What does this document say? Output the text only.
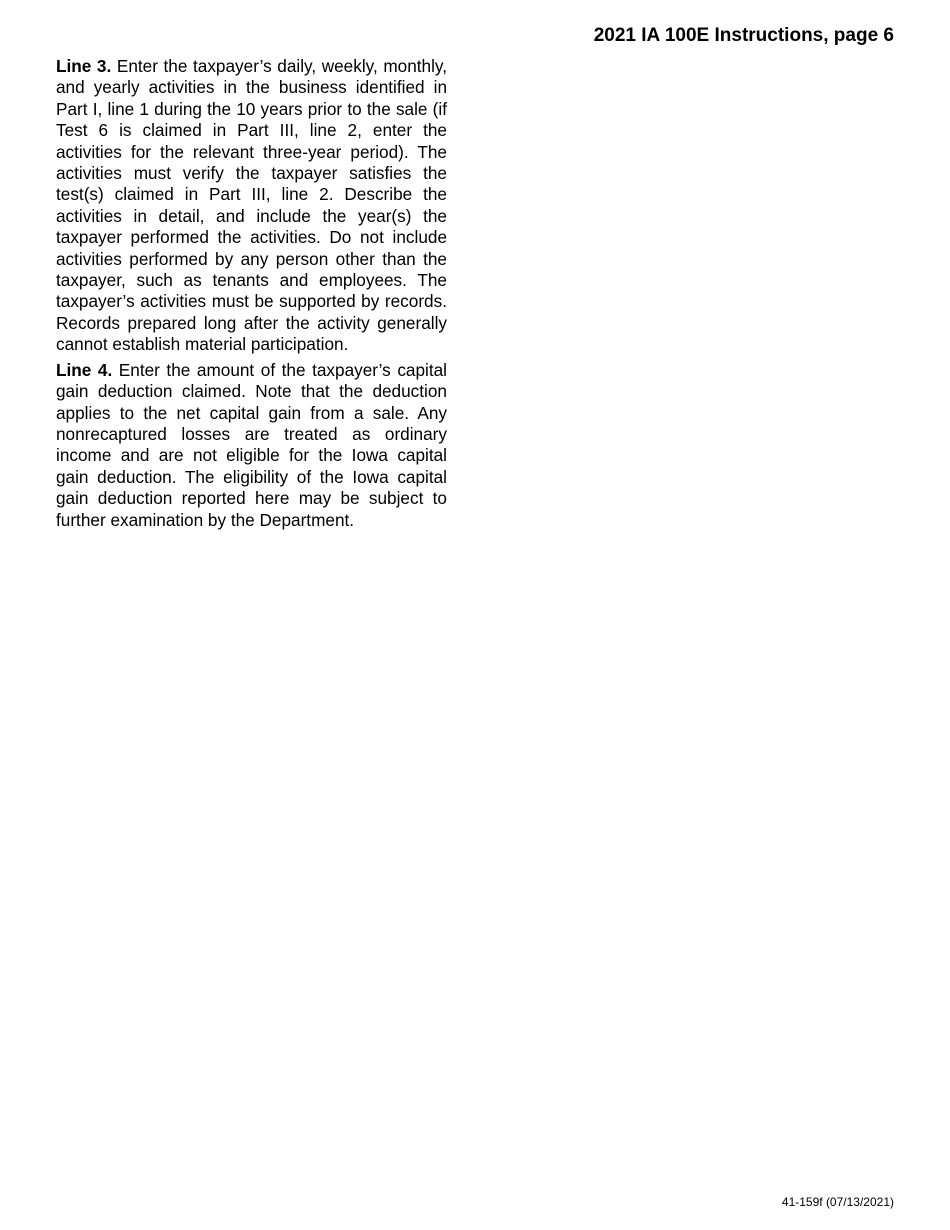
2021 IA 100E Instructions, page 6

Line 3. Enter the taxpayer’s daily, weekly, monthly, and yearly activities in the business identified in Part I, line 1 during the 10 years prior to the sale (if Test 6 is claimed in Part III, line 2, enter the activities for the relevant three-year period). The activities must verify the taxpayer satisfies the test(s) claimed in Part III, line 2. Describe the activities in detail, and include the year(s) the taxpayer performed the activities. Do not include activities performed by any person other than the taxpayer, such as tenants and employees. The taxpayer’s activities must be supported by records. Records prepared long after the activity generally cannot establish material participation.

Line 4. Enter the amount of the taxpayer’s capital gain deduction claimed. Note that the deduction applies to the net capital gain from a sale. Any nonrecaptured losses are treated as ordinary income and are not eligible for the Iowa capital gain deduction. The eligibility of the Iowa capital gain deduction reported here may be subject to further examination by the Department.

41-159f (07/13/2021)
